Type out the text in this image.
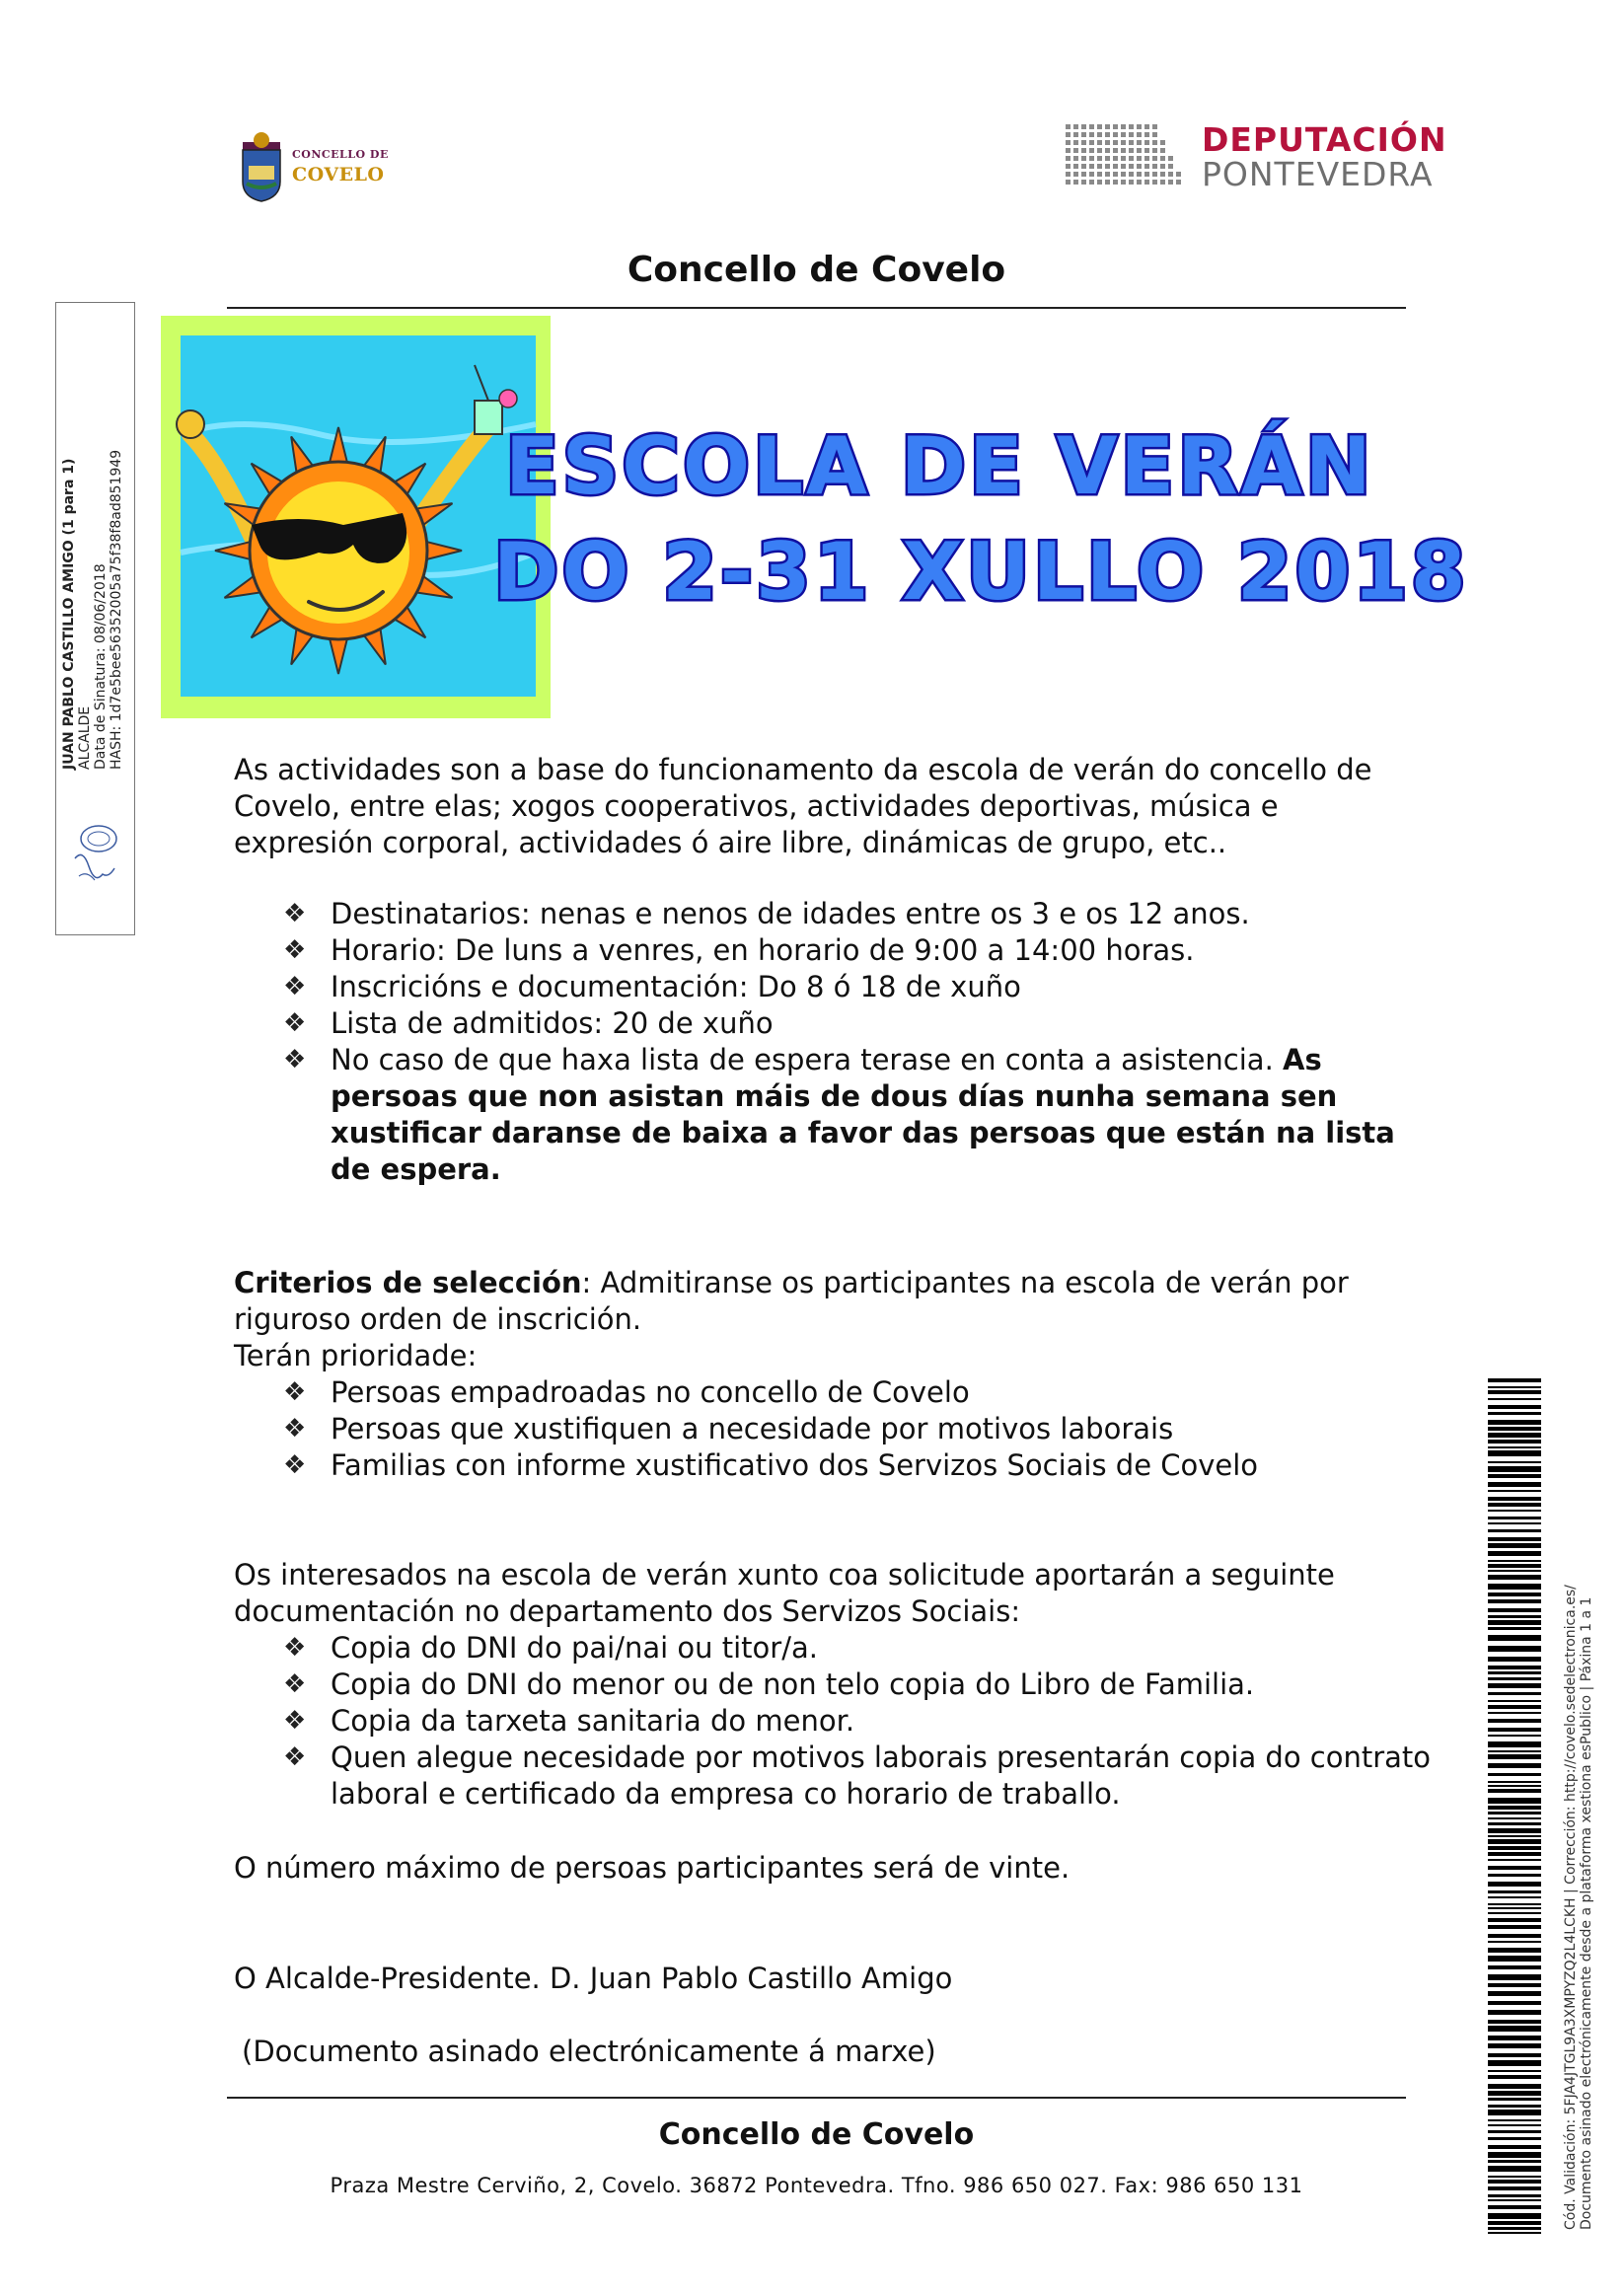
CONCELLO DE
COVELO
DEPUTACIÓN
PONTEVEDRA
Concello de Covelo
JUAN PABLO CASTILLO AMIGO (1 para 1) ALCALDE Data de Sinatura: 08/06/2018 HASH: 1d7e5bee56352005a75f38f8ad851949	ESCOLA DE VERÁN
DO 2-31 XULLO 2018
As actividades son a base do funcionamento da escola de verán do concello de Covelo, entre elas; xogos cooperativos, actividades deportivas, música e expresión corporal, actividades ó aire libre, dinámicas de grupo, etc..
❖ Destinatarios: nenas e nenos de idades entre os 3 e os 12 anos.
❖ Horario: De luns a venres, en horario de 9:00 a 14:00 horas.
❖ Inscricións e documentación: Do 8 ó 18 de xuño
❖ Lista de admitidos: 20 de xuño
❖ No caso de que haxa lista de espera terase en conta a asistencia. As persoas que non asistan máis de dous días nunha semana sen xustificar daranse de baixa a favor das persoas que están na lista de espera.
Criterios de selección: Admitiranse os participantes na escola de verán por riguroso orden de inscrición.
Terán prioridade:
❖ Persoas empadroadas no concello de Covelo
❖ Persoas que xustifiquen a necesidade por motivos laborais
❖ Familias con informe xustificativo dos Servizos Sociais de Covelo
Os interesados na escola de verán xunto coa solicitude aportarán a seguinte documentación no departamento dos Servizos Sociais:
❖ Copia do DNI do pai/nai ou titor/a.
❖ Copia do DNI do menor ou de non telo copia do Libro de Familia.
❖ Copia da tarxeta sanitaria do menor.
❖ Quen alegue necesidade por motivos laborais presentarán copia do contrato laboral e certificado da empresa co horario de traballo.
O número máximo de persoas participantes será de vinte.
O Alcalde-Presidente. D. Juan Pablo Castillo Amigo
(Documento asinado electrónicamente á marxe)
Concello de Covelo
Praza Mestre Cerviño, 2, Covelo. 36872 Pontevedra. Tfno. 986 650 027. Fax: 986 650 131	Cód. Validación: 5FJA4JTGL9A3XMPYZQ2L4LCKH | Corrección: http://covelo.sedelectronica.es/ Documento asinado electrónicamente desde a plataforma xestiona esPublico | Páxina 1 a 1
